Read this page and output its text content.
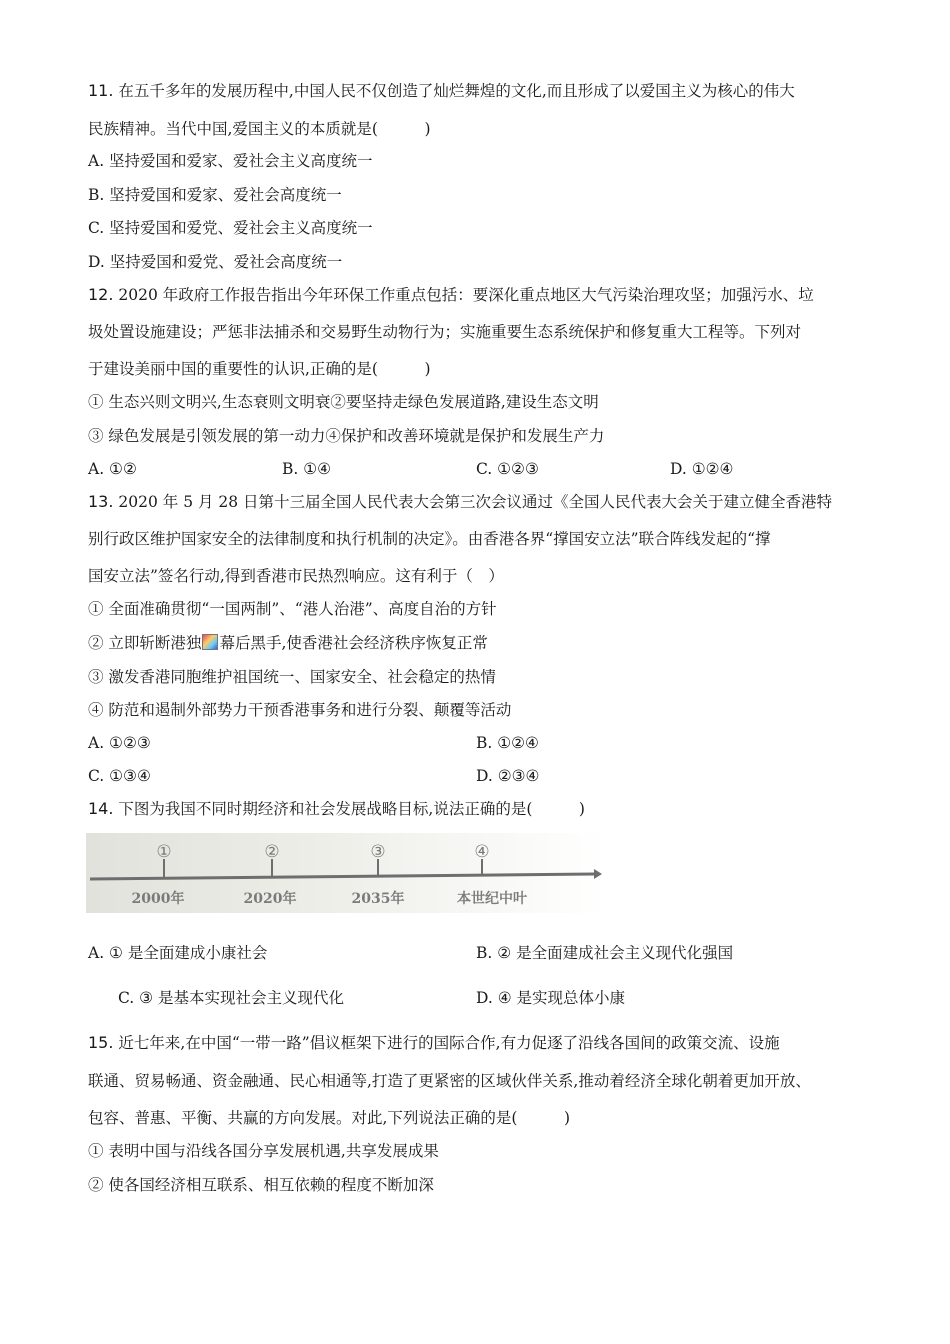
11. 在五千多年的发展历程中,中国人民不仅创造了灿烂舞煌的文化,而且形成了以爱国主义为核心的伟大
民族精神。当代中国,爱国主义的本质就是(　　　)
A. 坚持爱国和爱家、爱社会主义高度统一
B. 坚持爱国和爱家、爱社会高度统一
C. 坚持爱国和爱党、爱社会主义高度统一
D. 坚持爱国和爱党、爱社会高度统一
12. 2020 年政府工作报告指出今年环保工作重点包括：要深化重点地区大气污染治理攻坚；加强污水、垃
圾处置设施建设；严惩非法捕杀和交易野生动物行为；实施重要生态系统保护和修复重大工程等。下列对
于建设美丽中国的重要性的认识,正确的是(　　　)
① 生态兴则文明兴,生态衰则文明衰②要坚持走绿色发展道路,建设生态文明
③ 绿色发展是引领发展的第一动力④保护和改善环境就是保护和发展生产力
A. ①②	B. ①④	C. ①②③	D. ①②④
13. 2020 年 5 月 28 日第十三届全国人民代表大会第三次会议通过《全国人民代表大会关于建立健全香港特
别行政区维护国家安全的法律制度和执行机制的决定》。由香港各界“撑国安立法”联合阵线发起的“撑
国安立法”签名行动,得到香港市民热烈响应。这有利于（　）
① 全面准确贯彻“一国两制”、“港人治港”、高度自治的方针
② 立即斩断港独 幕后黑手,使香港社会经济秩序恢复正常
③ 激发香港同胞维护祖国统一、国家安全、社会稳定的热情
④ 防范和遏制外部势力干预香港事务和进行分裂、颠覆等活动
A. ①②③	B. ①②④
C. ①③④	D. ②③④
14. 下图为我国不同时期经济和社会发展战略目标,说法正确的是(　　　)
①
2000年
②
2020年
③
2035年
④
本世纪中叶
A. ① 是全面建成小康社会	B. ② 是全面建成社会主义现代化强国
C. ③ 是基本实现社会主义现代化	D. ④ 是实现总体小康
15. 近七年来,在中国“一带一路”倡议框架下进行的国际合作,有力促逐了沿线各国间的政策交流、设施
联通、贸易畅通、资金融通、民心相通等,打造了更紧密的区域伙伴关系,推动着经济全球化朝着更加开放、
包容、普惠、平衡、共赢的方向发展。对此,下列说法正确的是(　　　)
① 表明中国与沿线各国分享发展机遇,共享发展成果
② 使各国经济相互联系、相互依赖的程度不断加深
